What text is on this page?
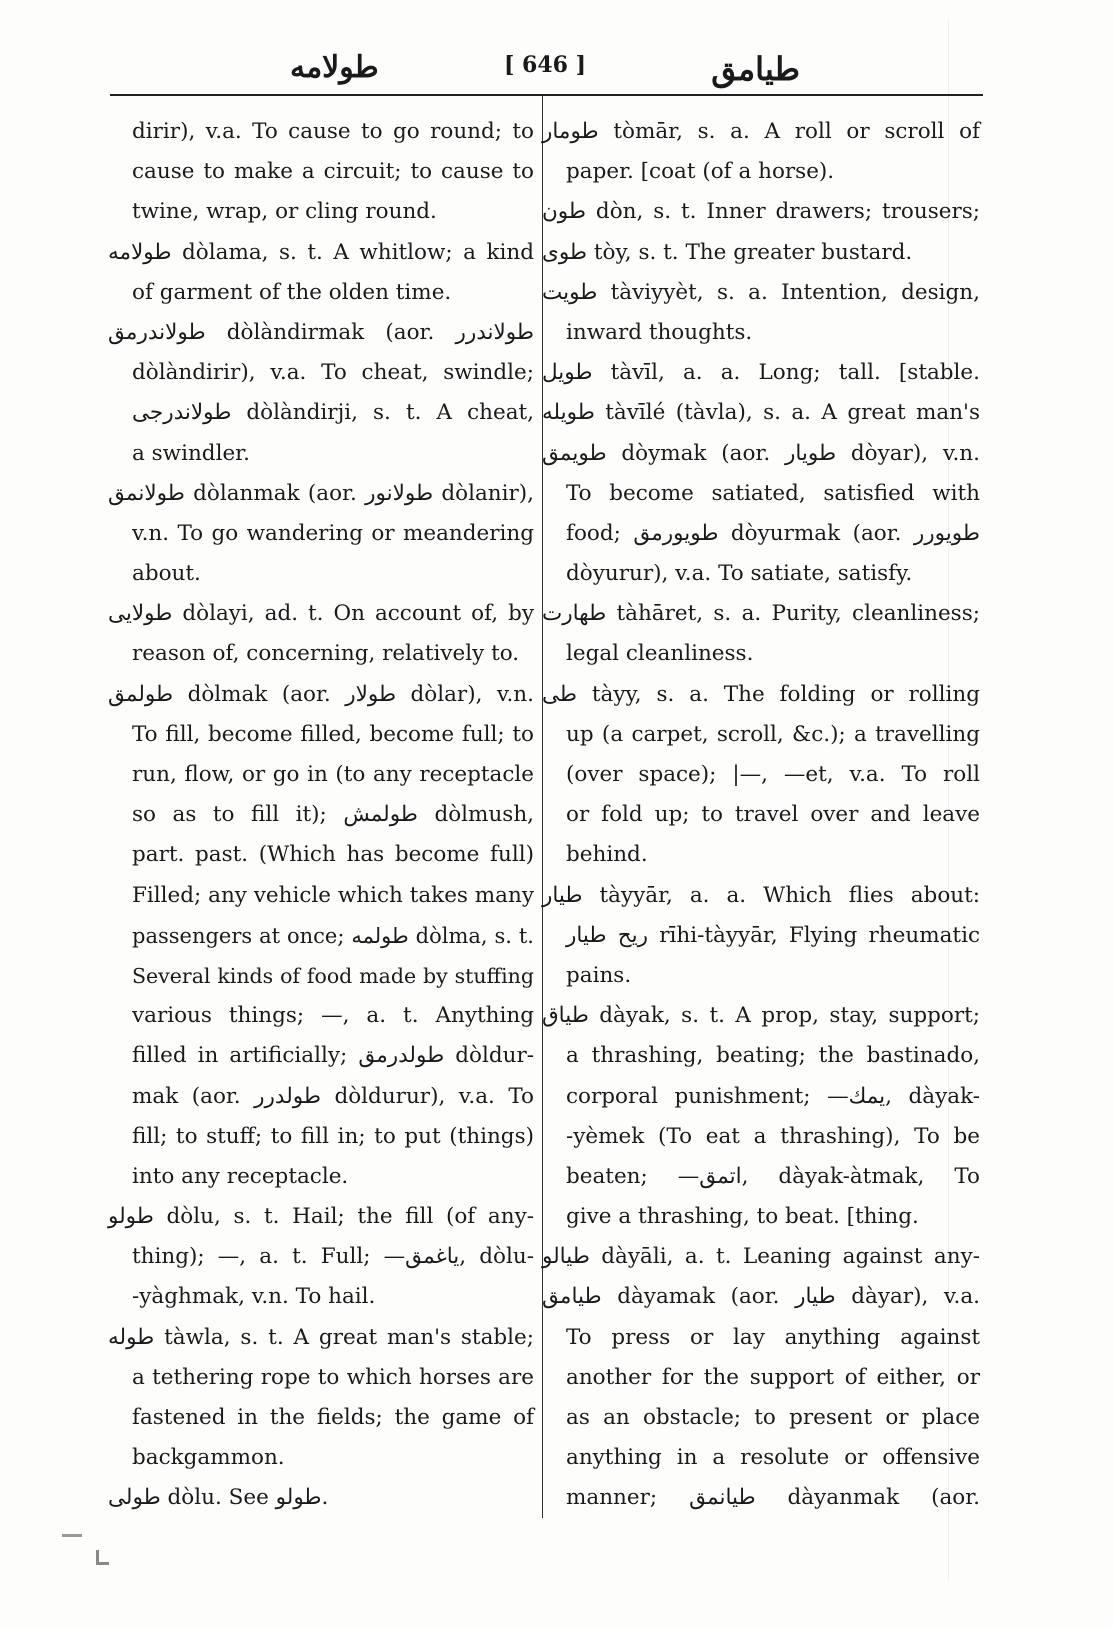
طولامه	[ 646 ]	طیامق
dirir), v.a. To cause to go round; to
cause to make a circuit; to cause to
twine, wrap, or cling round.
طولامه dòlama, s. t. A whitlow; a kind
of garment of the olden time.
طولاندرمق dòlàndirmak (aor. طولاندرر
dòlàndirir), v.a. To cheat, swindle;
طولاندرجی dòlàndirji, s. t. A cheat,
a swindler.
طولانمق dòlanmak (aor. طولانور dòlanir),
v.n. To go wandering or meandering
about.
طولایی dòlayi, ad. t. On account of, by
reason of, concerning, relatively to.
طولمق dòlmak (aor. طولار dòlar), v.n.
To fill, become filled, become full; to
run, flow, or go in (to any receptacle
so as to fill it); طولمش dòlmush,
part. past. (Which has become full)
Filled; any vehicle which takes many
passengers at once; طولمه dòlma, s. t.
Several kinds of food made by stuffing
various things; —, a. t. Anything
filled in artificially; طولدرمق dòldur-
mak (aor. طولدرر dòldurur), v.a. To
fill; to stuff; to fill in; to put (things)
into any receptacle.
طولو dòlu, s. t. Hail; the fill (of any-
thing); —, a. t. Full; —یاغمق, dòlu-
-yàghmak, v.n. To hail.
طوله tàwla, s. t. A great man's stable;
a tethering rope to which horses are
fastened in the fields; the game of
backgammon.
طولی dòlu. See طولو.
طومار tòmār, s. a. A roll or scroll of
paper. [coat (of a horse).
طون dòn, s. t. Inner drawers; trousers;
طوی tòy, s. t. The greater bustard.
طویت tàviyyèt, s. a. Intention, design,
inward thoughts.
طویل tàvīl, a. a. Long; tall. [stable.
طویله tàvīlé (tàvla), s. a. A great man's
طویمق dòymak (aor. طویار dòyar), v.n.
To become satiated, satisfied with
food; طویورمق dòyurmak (aor. طویورر
dòyurur), v.a. To satiate, satisfy.
طهارت tàhāret, s. a. Purity, cleanliness;
legal cleanliness.
طی tàyy, s. a. The folding or rolling
up (a carpet, scroll, &c.); a travelling
(over space); |—, —et, v.a. To roll
or fold up; to travel over and leave
behind.
طیار tàyyār, a. a. Which flies about:
ریح طیار rīhi-tàyyār, Flying rheumatic
pains.
طیاق dàyak, s. t. A prop, stay, support;
a thrashing, beating; the bastinado,
corporal punishment; —یمك, dàyak-
-yèmek (To eat a thrashing), To be
beaten; —اتمق, dàyak-àtmak, To
give a thrashing, to beat. [thing.
طیالو dàyāli, a. t. Leaning against any-
طیامق dàyamak (aor. طیار dàyar), v.a.
To press or lay anything against
another for the support of either, or
as an obstacle; to present or place
anything in a resolute or offensive
manner; طیانمق dàyanmak (aor.
